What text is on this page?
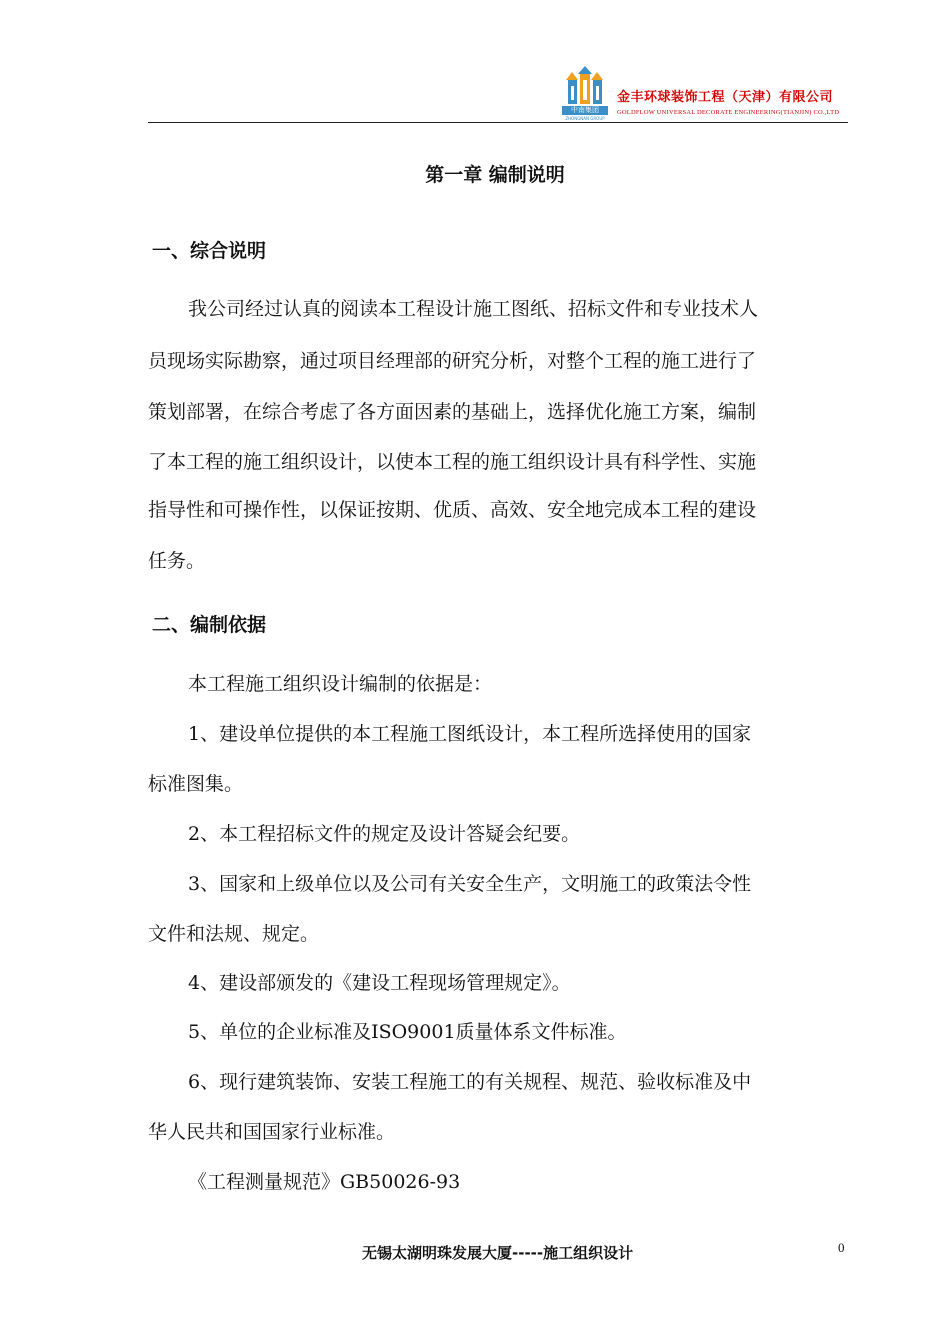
中南集团
ZHONGNAN GROUP
金丰环球装饰工程（天津）有限公司
GOLDFLOW UNIVERSAL DECORATE ENGINEERING(TIANJIN) CO.,LTD
第一章 编制说明
一、综合说明
我公司经过认真的阅读本工程设计施工图纸、招标文件和专业技术人
员现场实际勘察，通过项目经理部的研究分析，对整个工程的施工进行了
策划部署，在综合考虑了各方面因素的基础上，选择优化施工方案，编制
了本工程的施工组织设计，以使本工程的施工组织设计具有科学性、实施
指导性和可操作性，以保证按期、优质、高效、安全地完成本工程的建设
任务。
二、编制依据
本工程施工组织设计编制的依据是：
1、建设单位提供的本工程施工图纸设计，本工程所选择使用的国家
标准图集。
2、本工程招标文件的规定及设计答疑会纪要。
3、国家和上级单位以及公司有关安全生产，文明施工的政策法令性
文件和法规、规定。
4、建设部颁发的《建设工程现场管理规定》。
5、单位的企业标准及ISO9001质量体系文件标准。
6、现行建筑装饰、安装工程施工的有关规程、规范、验收标准及中
华人民共和国国家行业标准。
《工程测量规范》GB50026-93
无锡太湖明珠发展大厦-----施工组织设计	0
